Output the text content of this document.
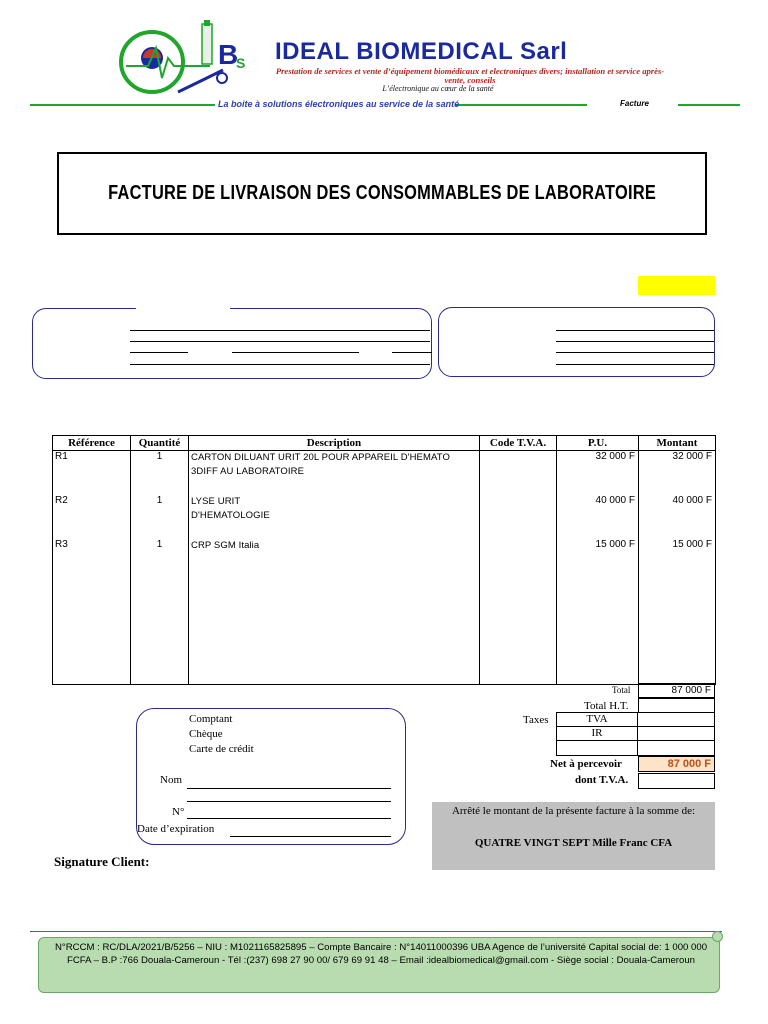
B
S IDEAL BIOMEDICAL Sarl
Prestation de services et vente d’équipement biomédicaux et electroniques divers; installation et service après-vente, conseils
L’électronique au cœur de la santé
La boite à solutions électroniques au service de la santé	Facture
FACTURE DE LIVRAISON DES CONSOMMABLES DE LABORATOIRE
Référence	Quantité	Description	Code T.V.A.	P.U.	Montant
R1	1	CARTON DILUANT URIT 20L POUR APPAREIL D'HEMATO
3DIFF AU LABORATOIRE		32 000 F	32 000 F
R2	1	LYSE URIT
D'HEMATOLOGIE		40 000 F	40 000 F
R3	1	CRP SGM Italia		15 000 F	15 000 F
Total	87 000 F
Total H.T.
Taxes	TVA
IR
Net à percevoir	87 000 F
dont T.V.A.
Comptant
Chèque
Carte de crédit
Nom
N°
Date d’expiration
Arrêté le montant de la présente facture à la somme de:
QUATRE VINGT SEPT Mille Franc CFA
Signature Client:
N°RCCM : RC/DLA/2021/B/5256 – NIU : M1021165825895 – Compte Bancaire : N°14011000396 UBA Agence de l’université Capital social de: 1 000 000 FCFA – B.P :766 Douala-Cameroun - Tél :(237) 698 27 90 00/ 679 69 91 48 – Email :idealbiomedical@gmail.com - Siège social : Douala-Cameroun
